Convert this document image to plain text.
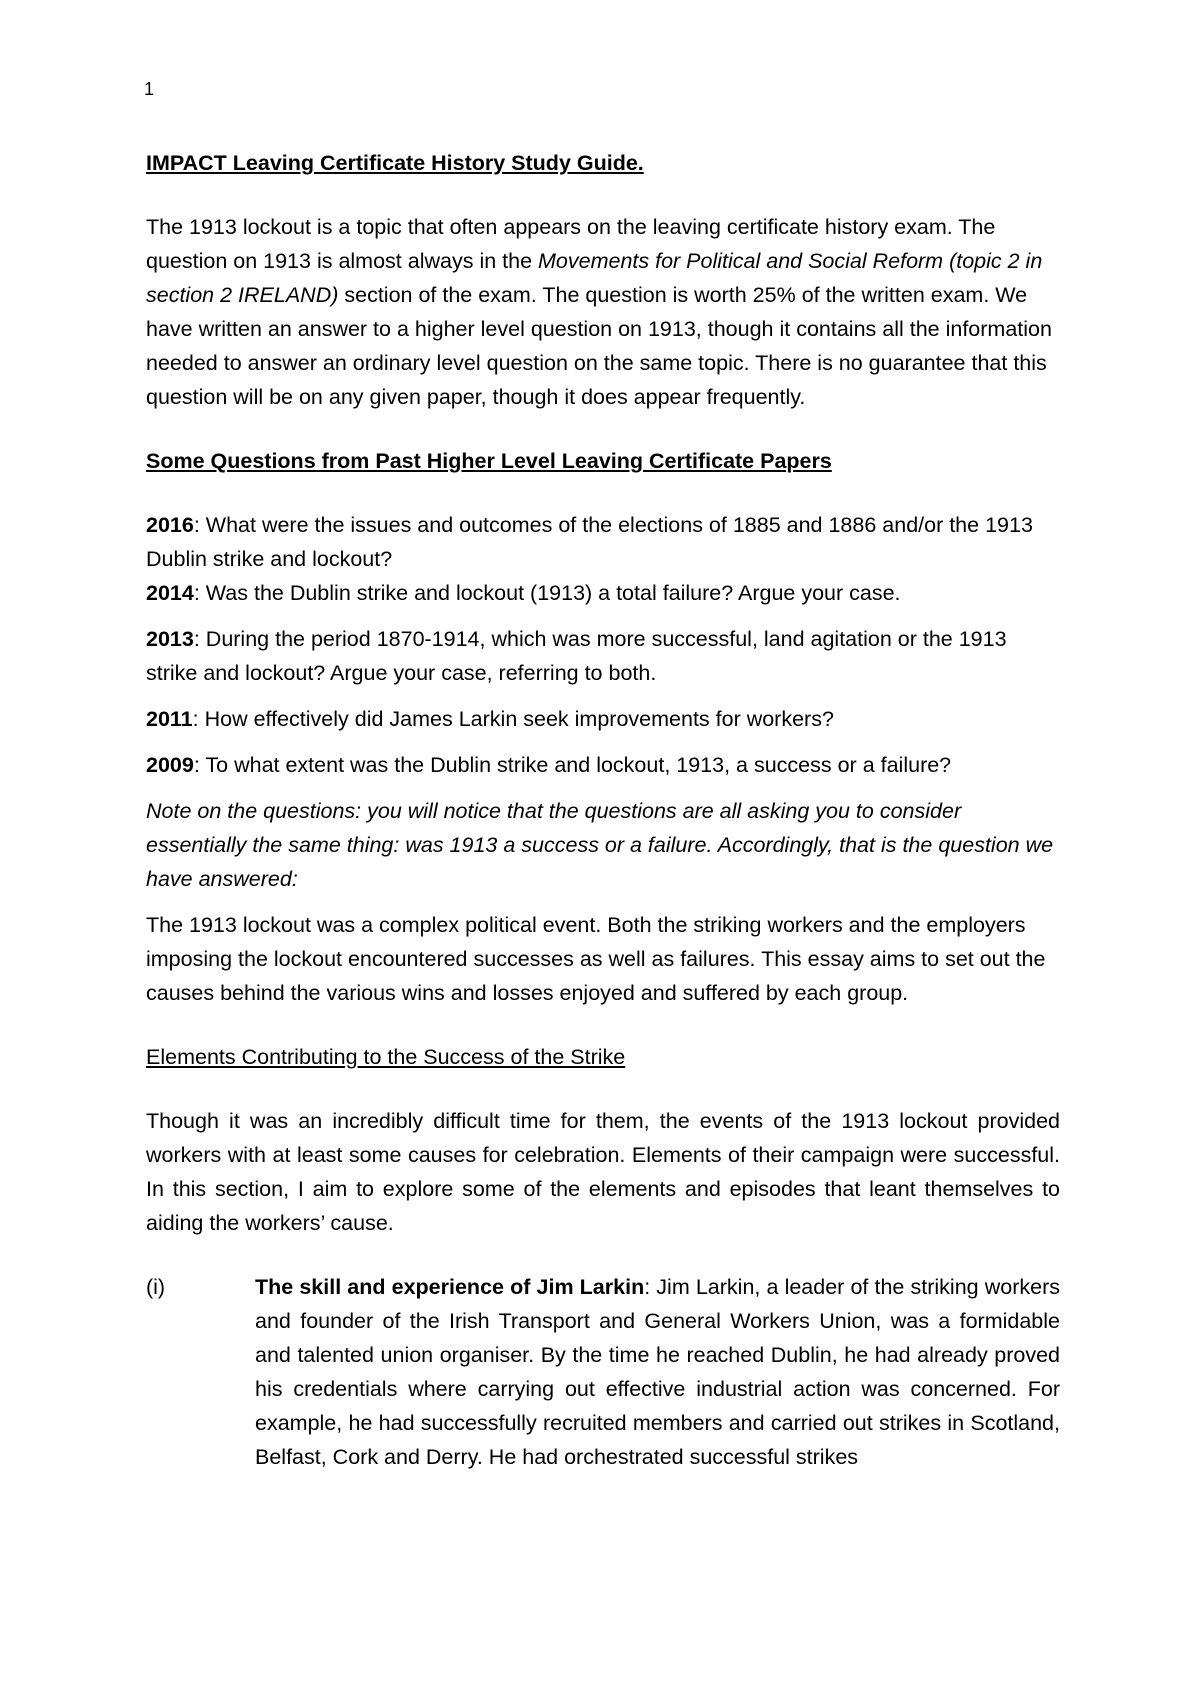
1
IMPACT Leaving Certificate History Study Guide.
The 1913 lockout is a topic that often appears on the leaving certificate history exam. The question on 1913 is almost always in the Movements for Political and Social Reform (topic 2 in section 2 IRELAND) section of the exam. The question is worth 25% of the written exam. We have written an answer to a higher level question on 1913, though it contains all the information needed to answer an ordinary level question on the same topic. There is no guarantee that this question will be on any given paper, though it does appear frequently.
Some Questions from Past Higher Level Leaving Certificate Papers
2016: What were the issues and outcomes of the elections of 1885 and 1886 and/or the 1913 Dublin strike and lockout?
2014: Was the Dublin strike and lockout (1913) a total failure? Argue your case.
2013: During the period 1870-1914, which was more successful, land agitation or the 1913 strike and lockout? Argue your case, referring to both.
2011: How effectively did James Larkin seek improvements for workers?
2009: To what extent was the Dublin strike and lockout, 1913, a success or a failure?
Note on the questions: you will notice that the questions are all asking you to consider essentially the same thing: was 1913 a success or a failure. Accordingly, that is the question we have answered:
The 1913 lockout was a complex political event. Both the striking workers and the employers imposing the lockout encountered successes as well as failures. This essay aims to set out the causes behind the various wins and losses enjoyed and suffered by each group.
Elements Contributing to the Success of the Strike
Though it was an incredibly difficult time for them, the events of the 1913 lockout provided workers with at least some causes for celebration. Elements of their campaign were successful. In this section, I aim to explore some of the elements and episodes that leant themselves to aiding the workers’ cause.
(i)	The skill and experience of Jim Larkin: Jim Larkin, a leader of the striking workers and founder of the Irish Transport and General Workers Union, was a formidable and talented union organiser. By the time he reached Dublin, he had already proved his credentials where carrying out effective industrial action was concerned. For example, he had successfully recruited members and carried out strikes in Scotland, Belfast, Cork and Derry. He had orchestrated successful strikes
